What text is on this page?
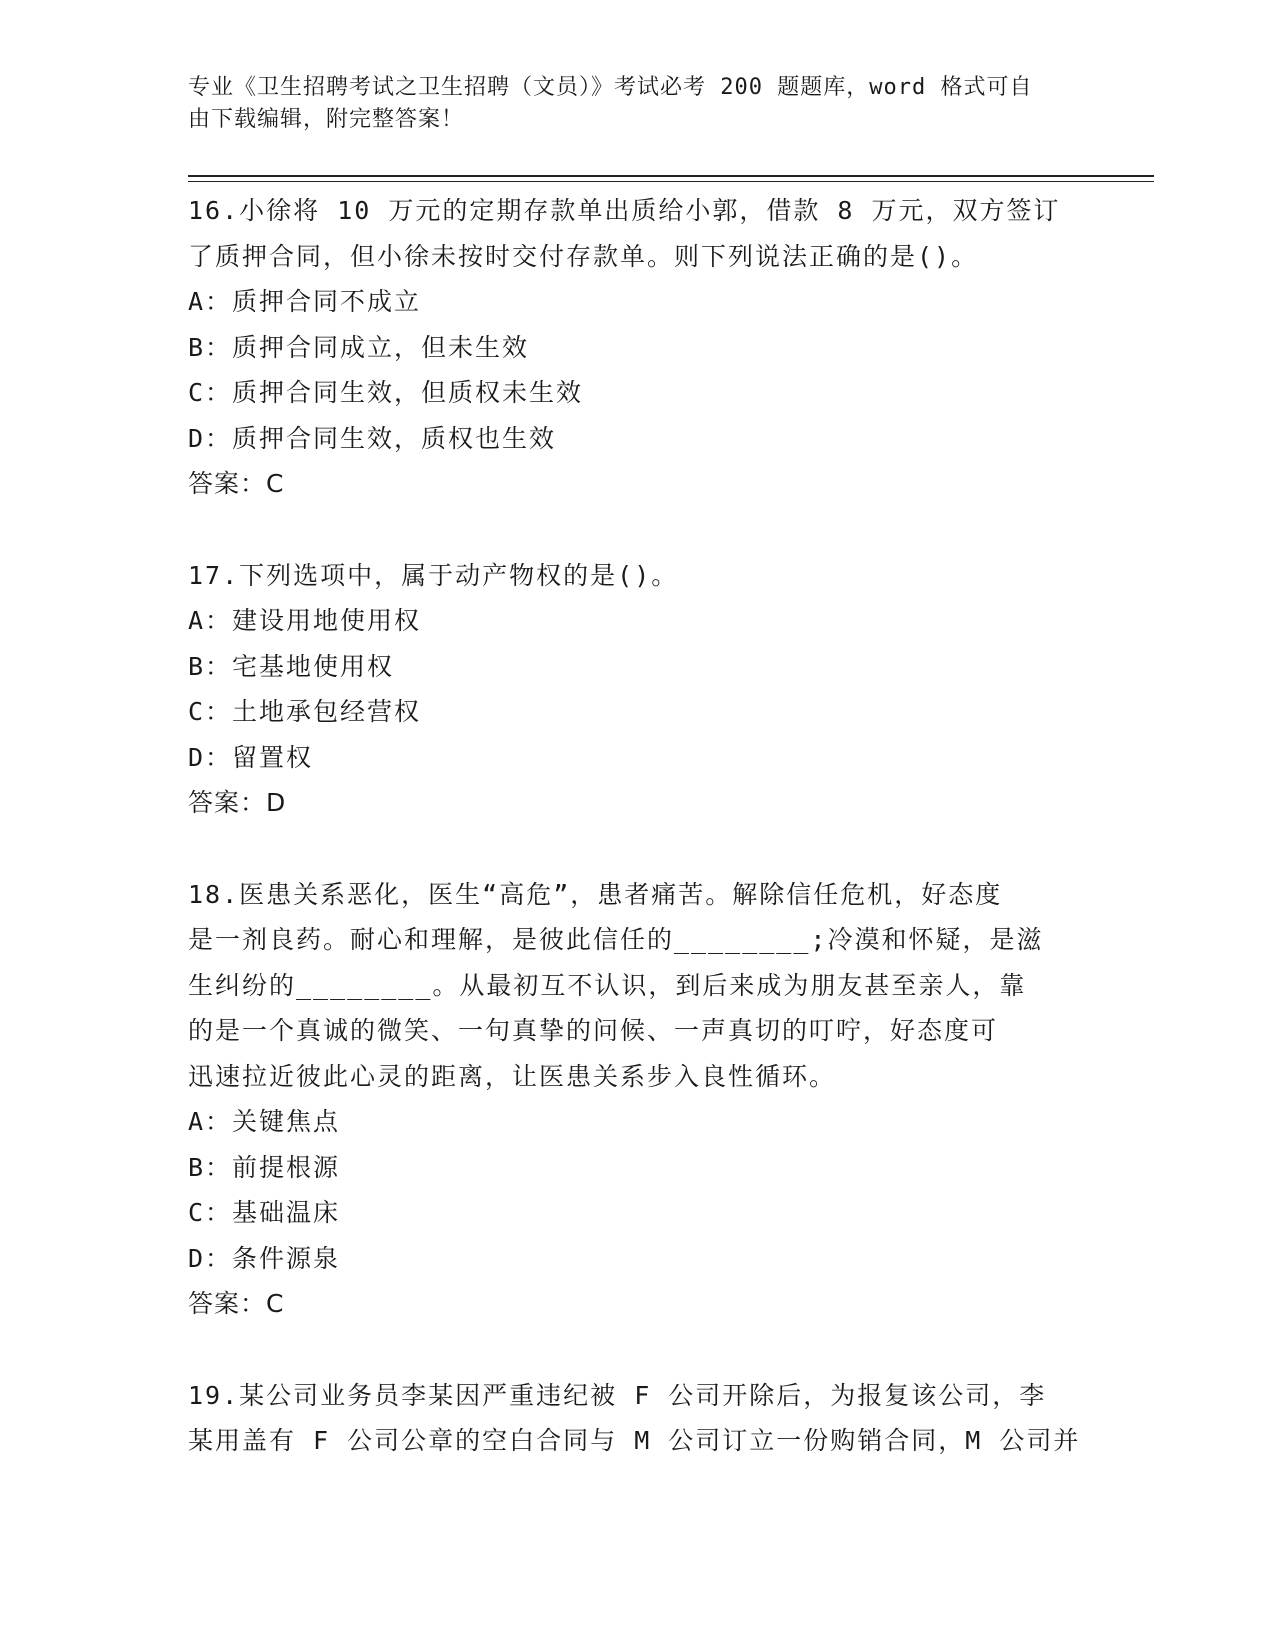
专业《卫生招聘考试之卫生招聘（文员）》考试必考 200 题题库，word 格式可自
由下载编辑，附完整答案！
16.小徐将 10 万元的定期存款单出质给小郭，借款 8 万元，双方签订
了质押合同，但小徐未按时交付存款单。则下列说法正确的是()。
A：质押合同不成立
B：质押合同成立，但未生效
C：质押合同生效，但质权未生效
D：质押合同生效，质权也生效
答案：C
17.下列选项中，属于动产物权的是()。
A：建设用地使用权
B：宅基地使用权
C：土地承包经营权
D：留置权
答案：D
18.医患关系恶化，医生“高危”，患者痛苦。解除信任危机，好态度
是一剂良药。耐心和理解，是彼此信任的________;冷漠和怀疑，是滋
生纠纷的________。从最初互不认识，到后来成为朋友甚至亲人，靠
的是一个真诚的微笑、一句真挚的问候、一声真切的叮咛，好态度可
迅速拉近彼此心灵的距离，让医患关系步入良性循环。
A：关键焦点
B：前提根源
C：基础温床
D：条件源泉
答案：C
19.某公司业务员李某因严重违纪被 F 公司开除后，为报复该公司，李
某用盖有 F 公司公章的空白合同与 M 公司订立一份购销合同，M 公司并
